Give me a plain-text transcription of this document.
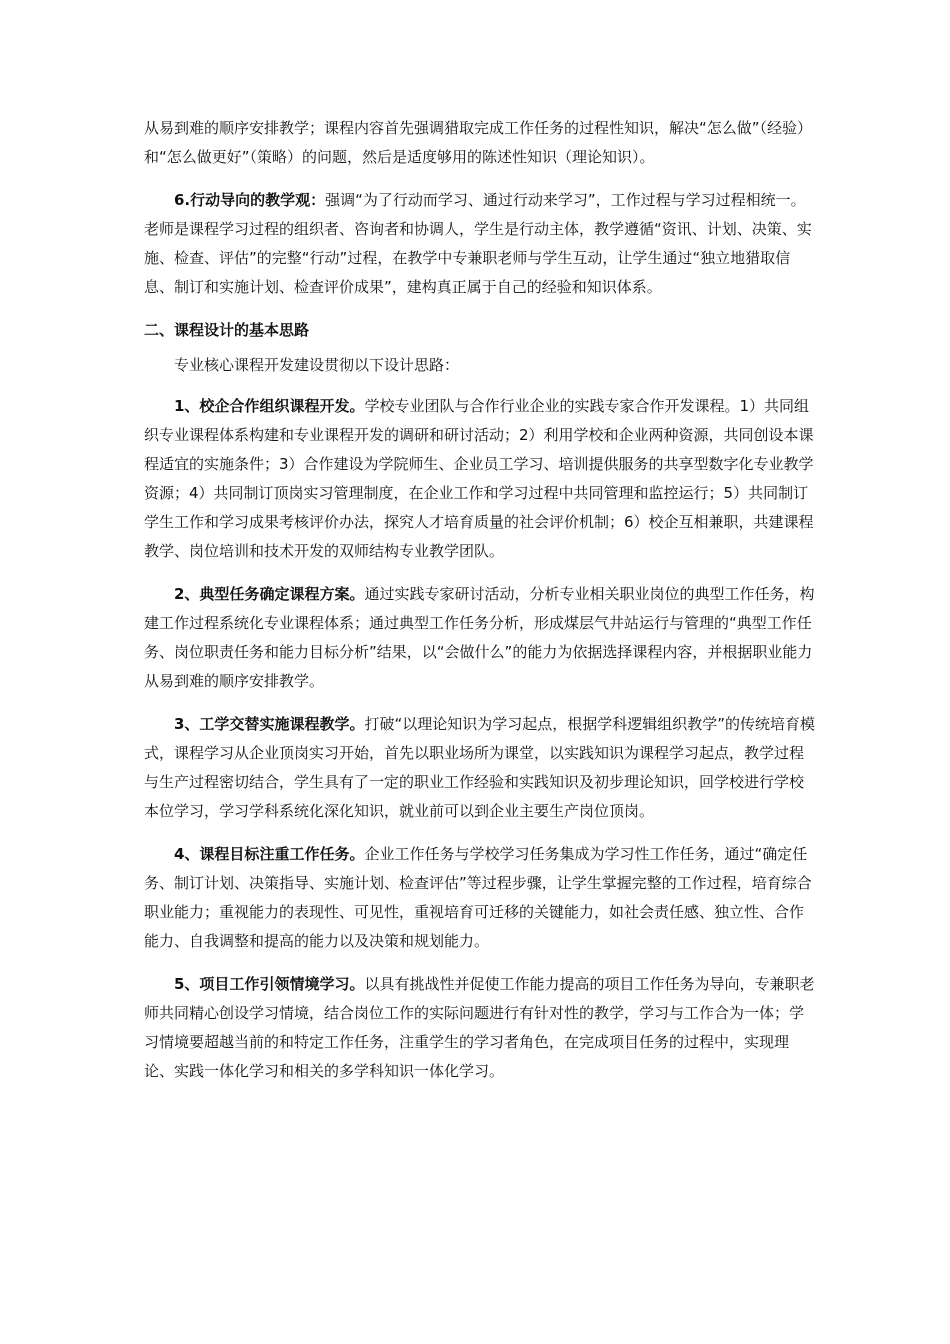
从易到难的顺序安排教学；课程内容首先强调猎取完成工作任务的过程性知识，解决“怎么做”（经验）和“怎么做更好”（策略）的问题，然后是适度够用的陈述性知识（理论知识）。

6.行动导向的教学观：强调“为了行动而学习、通过行动来学习”，工作过程与学习过程相统一。老师是课程学习过程的组织者、咨询者和协调人，学生是行动主体，教学遵循“资讯、计划、决策、实施、检查、评估”的完整“行动”过程，在教学中专兼职老师与学生互动，让学生通过“独立地猎取信息、制订和实施计划、检查评价成果”，建构真正属于自己的经验和知识体系。

二、课程设计的基本思路

专业核心课程开发建设贯彻以下设计思路：

1、校企合作组织课程开发。学校专业团队与合作行业企业的实践专家合作开发课程。1）共同组织专业课程体系构建和专业课程开发的调研和研讨活动；2）利用学校和企业两种资源，共同创设本课程适宜的实施条件；3）合作建设为学院师生、企业员工学习、培训提供服务的共享型数字化专业教学资源；4）共同制订顶岗实习管理制度，在企业工作和学习过程中共同管理和监控运行；5）共同制订学生工作和学习成果考核评价办法，探究人才培育质量的社会评价机制；6）校企互相兼职，共建课程教学、岗位培训和技术开发的双师结构专业教学团队。

2、典型任务确定课程方案。通过实践专家研讨活动，分析专业相关职业岗位的典型工作任务，构建工作过程系统化专业课程体系；通过典型工作任务分析，形成煤层气井站运行与管理的“典型工作任务、岗位职责任务和能力目标分析”结果，以“会做什么”的能力为依据选择课程内容，并根据职业能力从易到难的顺序安排教学。

3、工学交替实施课程教学。打破“以理论知识为学习起点，根据学科逻辑组织教学”的传统培育模式，课程学习从企业顶岗实习开始，首先以职业场所为课堂，以实践知识为课程学习起点，教学过程与生产过程密切结合，学生具有了一定的职业工作经验和实践知识及初步理论知识，回学校进行学校本位学习，学习学科系统化深化知识，就业前可以到企业主要生产岗位顶岗。

4、课程目标注重工作任务。企业工作任务与学校学习任务集成为学习性工作任务，通过“确定任务、制订计划、决策指导、实施计划、检查评估”等过程步骤，让学生掌握完整的工作过程，培育综合职业能力；重视能力的表现性、可见性，重视培育可迁移的关键能力，如社会责任感、独立性、合作能力、自我调整和提高的能力以及决策和规划能力。

5、项目工作引领情境学习。以具有挑战性并促使工作能力提高的项目工作任务为导向，专兼职老师共同精心创设学习情境，结合岗位工作的实际问题进行有针对性的教学，学习与工作合为一体；学习情境要超越当前的和特定工作任务，注重学生的学习者角色，在完成项目任务的过程中，实现理论、实践一体化学习和相关的多学科知识一体化学习。
